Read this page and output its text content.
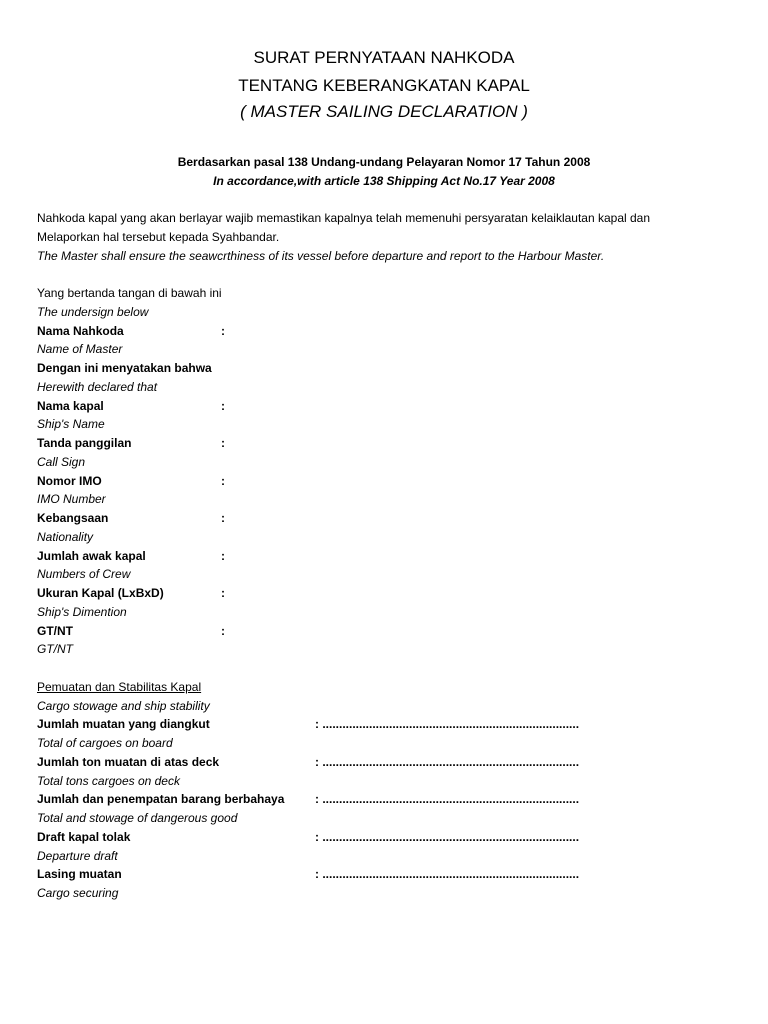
SURAT PERNYATAAN NAHKODA
TENTANG KEBERANGKATAN KAPAL
( MASTER SAILING DECLARATION )
Berdasarkan pasal 138 Undang-undang Pelayaran Nomor 17 Tahun 2008
In accordance,with article 138 Shipping Act No.17 Year 2008
Nahkoda kapal yang akan berlayar wajib memastikan kapalnya telah memenuhi persyaratan kelaiklautan kapal dan
Melaporkan hal tersebut kepada Syahbandar.
The Master shall ensure the seawcrthiness of its vessel before departure and report to the Harbour Master.
Yang bertanda tangan di bawah ini
The undersign below
Nama Nahkoda	:
Name of Master
Dengan ini menyatakan bahwa
Herewith declared that
Nama kapal	:
Ship's Name
Tanda panggilan	:
Call Sign
Nomor IMO	:
IMO Number
Kebangsaan	:
Nationality
Jumlah awak kapal	:
Numbers of Crew
Ukuran Kapal (LxBxD)	:
Ship's Dimention
GT/NT	:
GT/NT
Pemuatan dan Stabilitas Kapal
Cargo stowage and ship stability
Jumlah muatan yang diangkut	: .............................................................................
Total of cargoes on board
Jumlah ton muatan di atas deck	: .............................................................................
Total tons cargoes on deck
Jumlah dan penempatan barang berbahaya	: .............................................................................
Total and stowage of dangerous good
Draft kapal tolak	: .............................................................................
Departure draft
Lasing muatan	: .............................................................................
Cargo securing
